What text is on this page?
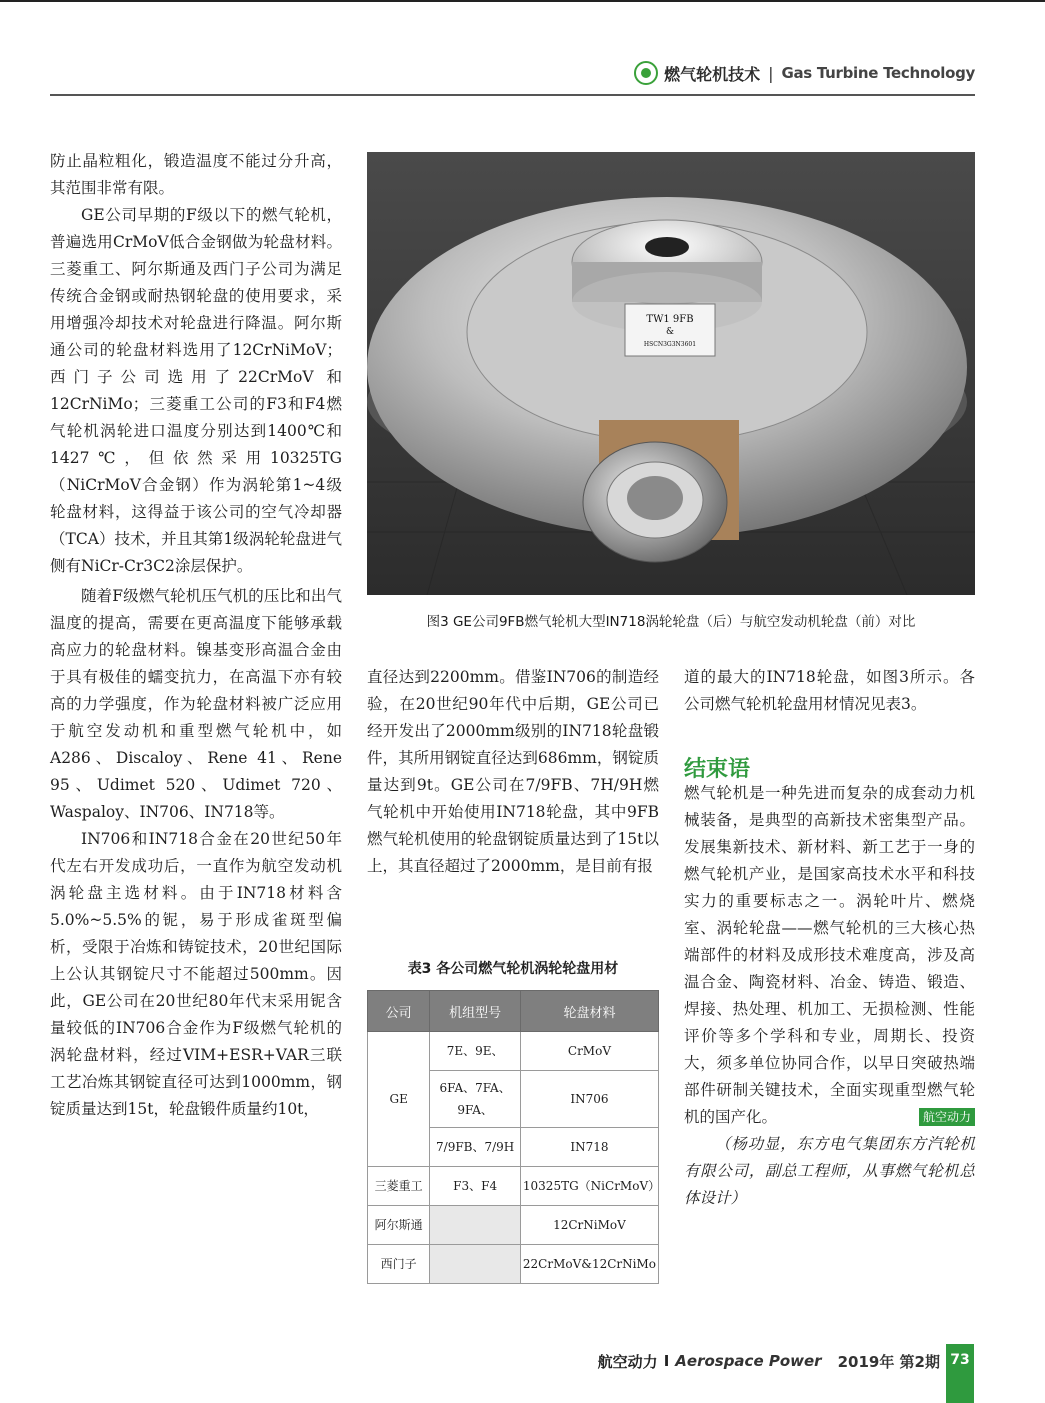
燃气轮机技术 | Gas Turbine Technology

防止晶粒粗化，锻造温度不能过分升高，其范围非常有限。

GE公司早期的F级以下的燃气轮机，普遍选用CrMoV低合金钢做为轮盘材料。三菱重工、阿尔斯通及西门子公司为满足传统合金钢或耐热钢轮盘的使用要求，采用增强冷却技术对轮盘进行降温。阿尔斯通公司的轮盘材料选用了12CrNiMoV；西门子公司选用了22CrMoV 和 12CrNiMo；三菱重工公司的F3和F4燃气轮机涡轮进口温度分别达到1400℃和1427℃，但依然采用10325TG（NiCrMoV合金钢）作为涡轮第1~4级轮盘材料，这得益于该公司的空气冷却器（TCA）技术，并且其第1级涡轮轮盘进气侧有NiCr-Cr3C2涂层保护。

随着F级燃气轮机压气机的压比和出气温度的提高，需要在更高温度下能够承载高应力的轮盘材料。镍基变形高温合金由于具有极佳的蠕变抗力，在高温下亦有较高的力学强度，作为轮盘材料被广泛应用于航空发动机和重型燃气轮机中，如A286、Discaloy、Rene 41、Rene 95、Udimet 520、Udimet 720、Waspaloy、IN706、IN718等。

IN706和IN718合金在20世纪50年代左右开发成功后，一直作为航空发动机涡轮盘主选材料。由于IN718材料含5.0%~5.5%的铌，易于形成雀斑型偏析，受限于冶炼和铸锭技术，20世纪国际上公认其钢锭尺寸不能超过500mm。因此，GE公司在20世纪80年代末采用铌含量较低的IN706合金作为F级燃气轮机的涡轮盘材料，经过VIM+ESR+VAR三联工艺冶炼其钢锭直径可达到1000mm，钢锭质量达到15t，轮盘锻件质量约10t，

TW1 9FB
&
HSCN3G3N3601
图3 GE公司9FB燃气轮机大型IN718涡轮轮盘（后）与航空发动机轮盘（前）对比

直径达到2200mm。借鉴IN706的制造经验，在20世纪90年代中后期，GE公司已经开发出了2000mm级别的IN718轮盘锻件，其所用钢锭直径达到686mm，钢锭质量达到9t。GE公司在7/9FB、7H/9H燃气轮机中开始使用IN718轮盘，其中9FB燃气轮机使用的轮盘钢锭质量达到了15t以上，其直径超过了2000mm，是目前有报

表3 各公司燃气轮机涡轮轮盘用材
公司	机组型号	轮盘材料
GE	7E、9E、	CrMoV
	6FA、7FA、9FA、	IN706
	7/9FB、7/9H	IN718
三菱重工	F3、F4	10325TG（NiCrMoV）
阿尔斯通		12CrNiMoV
西门子		22CrMoV&12CrNiMo

道的最大的IN718轮盘，如图3所示。各公司燃气轮机轮盘用材情况见表3。

结束语

燃气轮机是一种先进而复杂的成套动力机械装备，是典型的高新技术密集型产品。发展集新技术、新材料、新工艺于一身的燃气轮机产业，是国家高技术水平和科技实力的重要标志之一。涡轮叶片、燃烧室、涡轮轮盘——燃气轮机的三大核心热端部件的材料及成形技术难度高，涉及高温合金、陶瓷材料、冶金、铸造、锻造、焊接、热处理、机加工、无损检测、性能评价等多个学科和专业，周期长、投资大，须多单位协同合作，以早日突破热端部件研制关键技术，全面实现重型燃气轮机的国产化。	航空动力

（杨功显，东方电气集团东方汽轮机有限公司，副总工程师，从事燃气轮机总体设计）

航空动力 I Aerospace Power 2019年 第2期 73
